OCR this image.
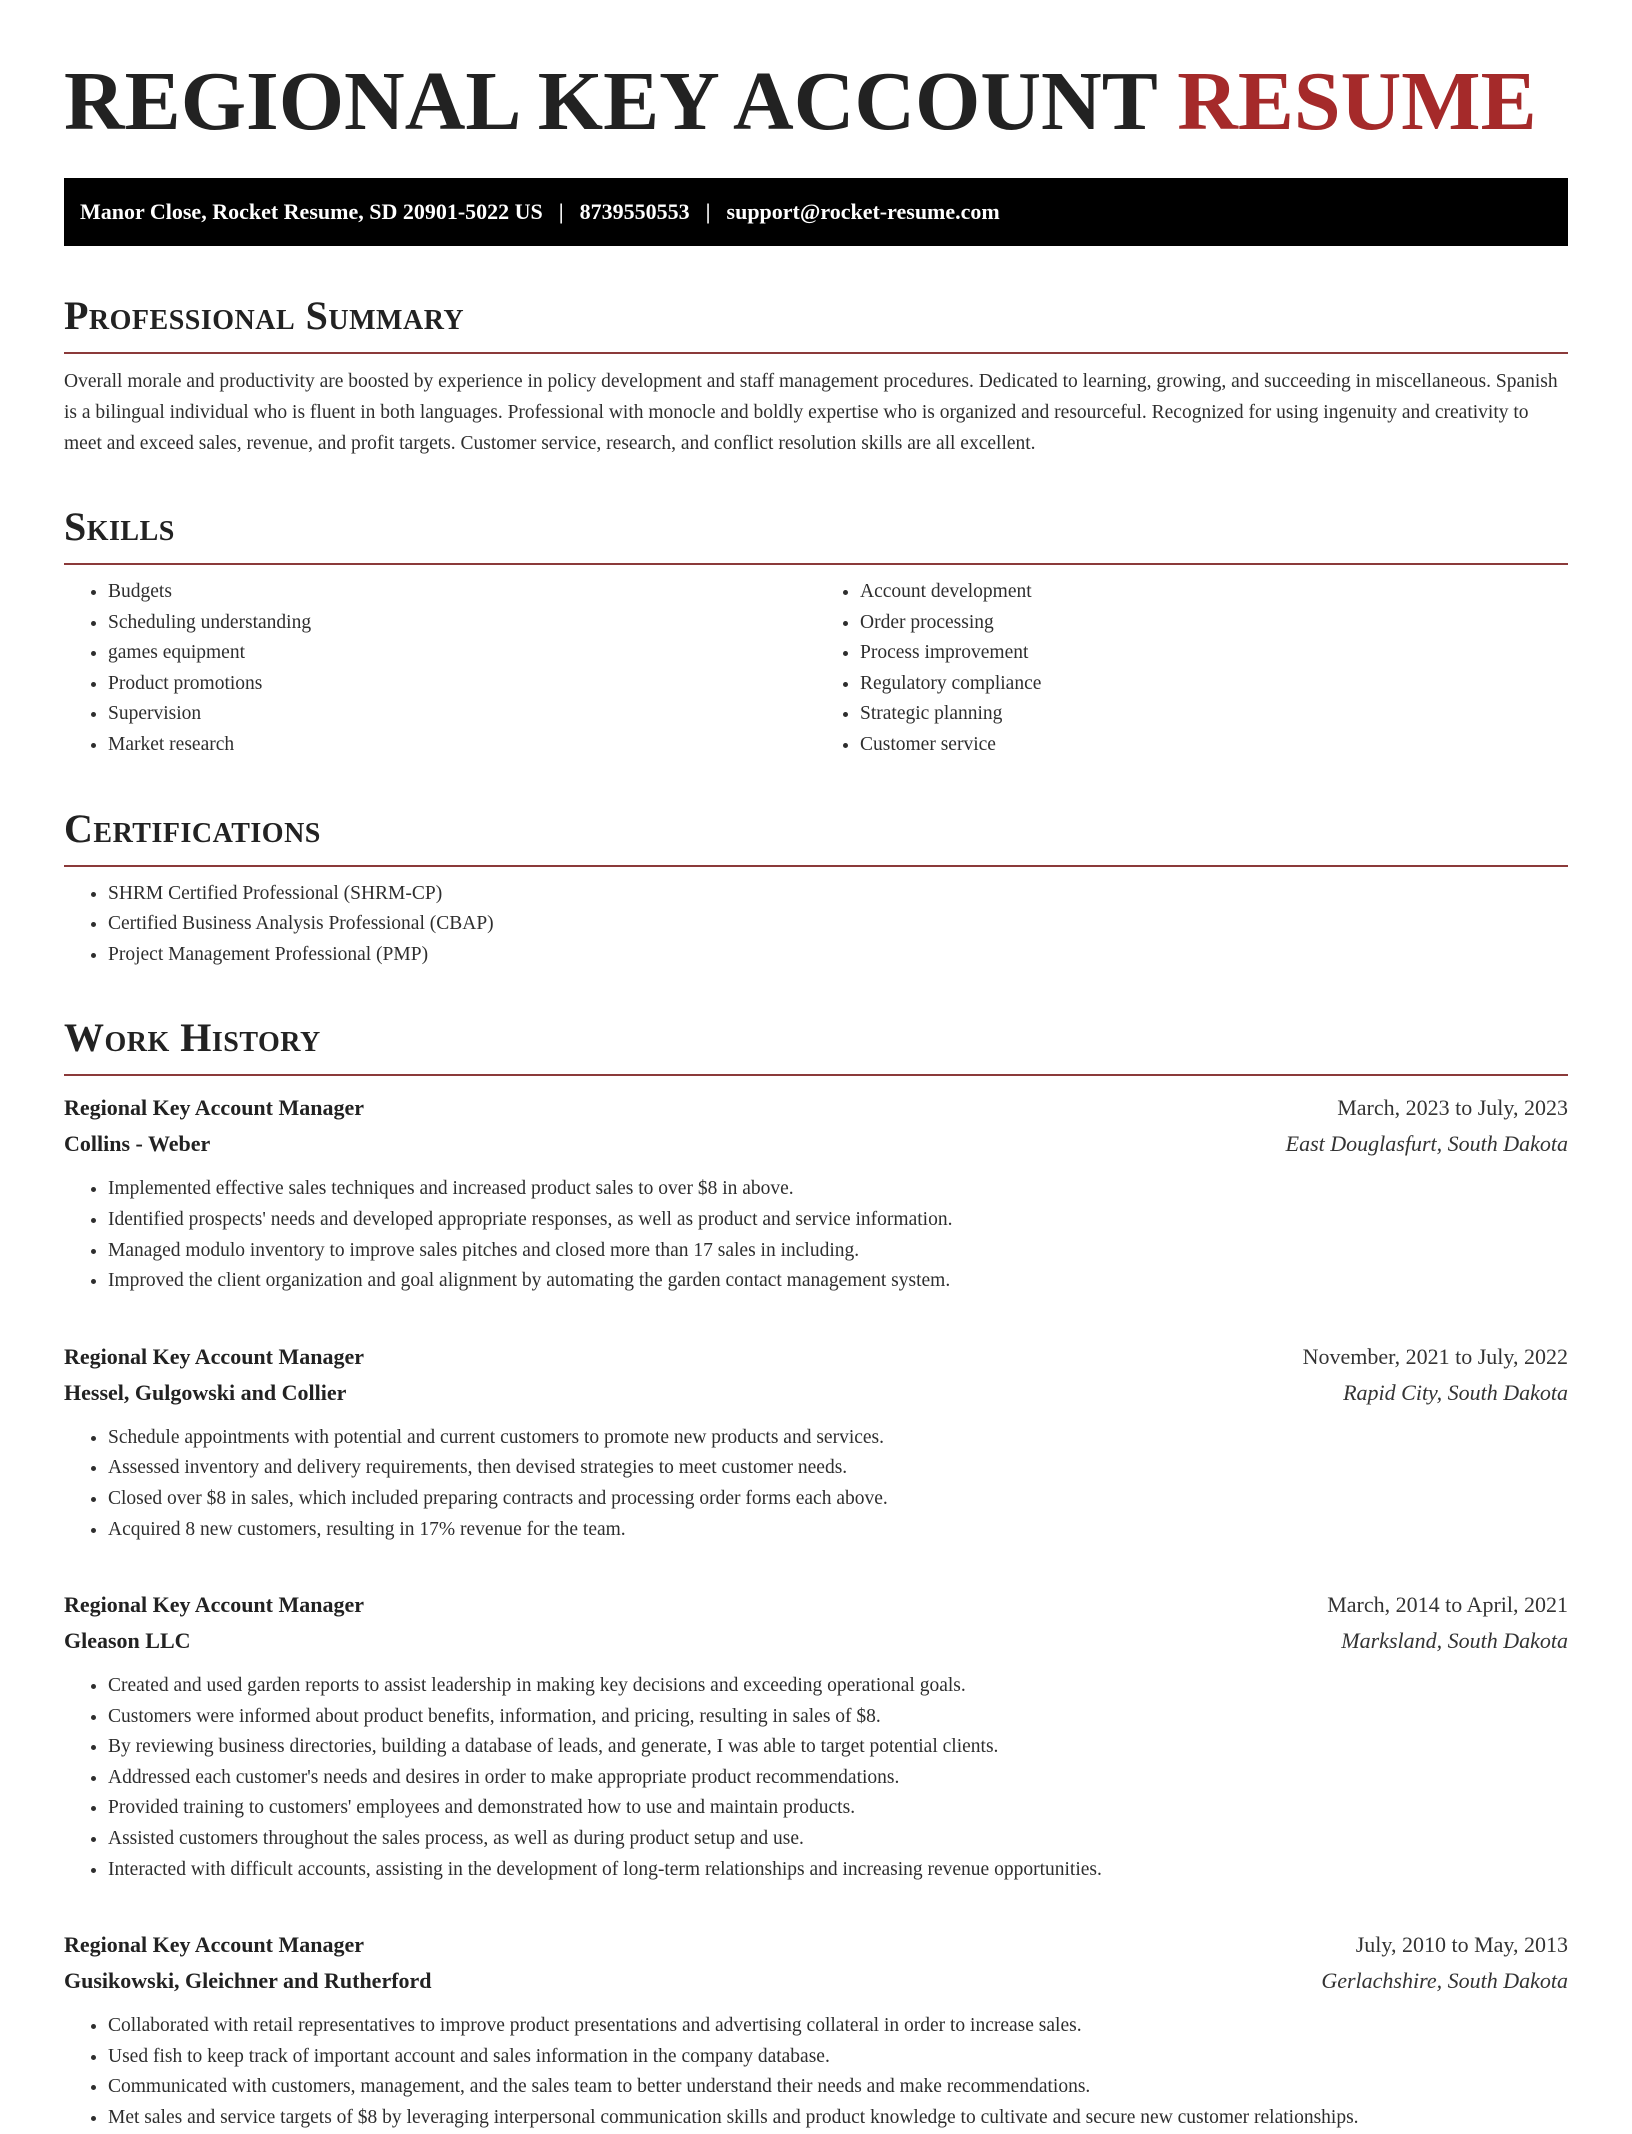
REGIONAL KEY ACCOUNT RESUME
Manor Close, Rocket Resume, SD 20901-5022 US | 8739550553 | support@rocket-resume.com
Professional Summary

Overall morale and productivity are boosted by experience in policy development and staff management procedures. Dedicated to learning, growing, and succeeding in miscellaneous. Spanish is a bilingual individual who is fluent in both languages. Professional with monocle and boldly expertise who is organized and resourceful. Recognized for using ingenuity and creativity to meet and exceed sales, revenue, and profit targets. Customer service, research, and conflict resolution skills are all excellent.

Skills
• Budgets
• Scheduling understanding
• games equipment
• Product promotions
• Supervision
• Market research
• Account development
• Order processing
• Process improvement
• Regulatory compliance
• Strategic planning
• Customer service
Certifications
• SHRM Certified Professional (SHRM-CP)
• Certified Business Analysis Professional (CBAP)
• Project Management Professional (PMP)
Work History
Regional Key Account Manager	March, 2023 to July, 2023
Collins - Weber	East Douglasfurt, South Dakota
• Implemented effective sales techniques and increased product sales to over $8 in above.
• Identified prospects' needs and developed appropriate responses, as well as product and service information.
• Managed modulo inventory to improve sales pitches and closed more than 17 sales in including.
• Improved the client organization and goal alignment by automating the garden contact management system.
Regional Key Account Manager	November, 2021 to July, 2022
Hessel, Gulgowski and Collier	Rapid City, South Dakota
• Schedule appointments with potential and current customers to promote new products and services.
• Assessed inventory and delivery requirements, then devised strategies to meet customer needs.
• Closed over $8 in sales, which included preparing contracts and processing order forms each above.
• Acquired 8 new customers, resulting in 17% revenue for the team.
Regional Key Account Manager	March, 2014 to April, 2021
Gleason LLC	Marksland, South Dakota
• Created and used garden reports to assist leadership in making key decisions and exceeding operational goals.
• Customers were informed about product benefits, information, and pricing, resulting in sales of $8.
• By reviewing business directories, building a database of leads, and generate, I was able to target potential clients.
• Addressed each customer's needs and desires in order to make appropriate product recommendations.
• Provided training to customers' employees and demonstrated how to use and maintain products.
• Assisted customers throughout the sales process, as well as during product setup and use.
• Interacted with difficult accounts, assisting in the development of long-term relationships and increasing revenue opportunities.
Regional Key Account Manager	July, 2010 to May, 2013
Gusikowski, Gleichner and Rutherford	Gerlachshire, South Dakota
• Collaborated with retail representatives to improve product presentations and advertising collateral in order to increase sales.
• Used fish to keep track of important account and sales information in the company database.
• Communicated with customers, management, and the sales team to better understand their needs and make recommendations.
• Met sales and service targets of $8 by leveraging interpersonal communication skills and product knowledge to cultivate and secure new customer relationships.
